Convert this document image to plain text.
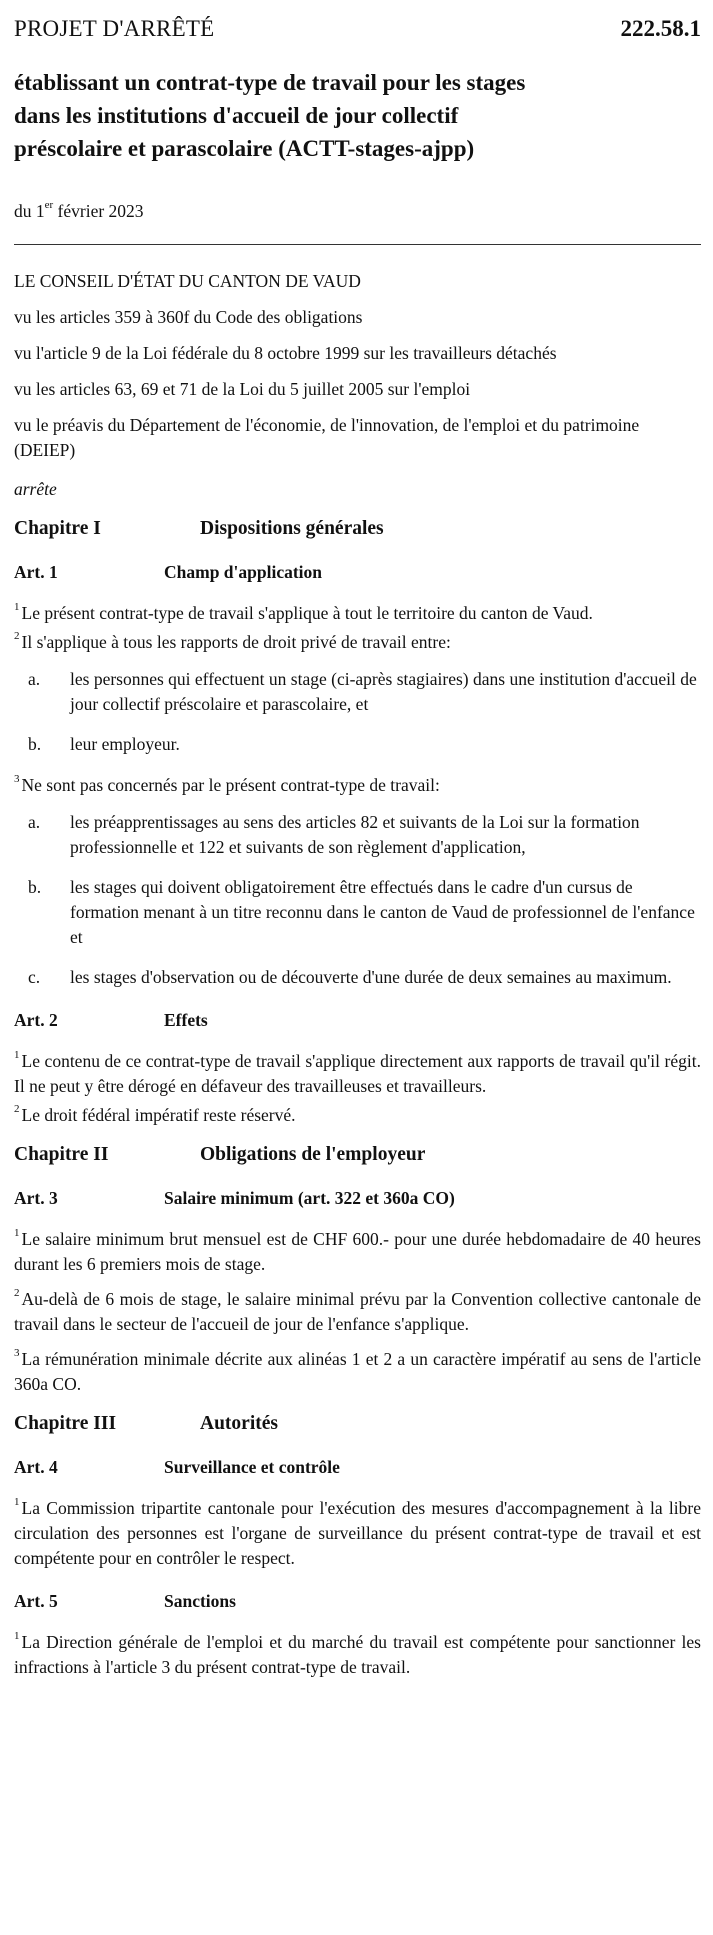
PROJET D'ARRÊTÉ	222.58.1
établissant un contrat-type de travail pour les stages
dans les institutions d'accueil de jour collectif
préscolaire et parascolaire (ACTT-stages-ajpp)
du 1er février 2023

LE CONSEIL D'ÉTAT DU CANTON DE VAUD

vu les articles 359 à 360f du Code des obligations

vu l'article 9 de la Loi fédérale du 8 octobre 1999 sur les travailleurs détachés

vu les articles 63, 69 et 71 de la Loi du 5 juillet 2005 sur l'emploi

vu le préavis du Département de l'économie, de l'innovation, de l'emploi et du patrimoine (DEIEP)

arrête

Chapitre I	Dispositions générales
Art. 1	Champ d'application

$^1$ Le présent contrat-type de travail s'applique à tout le territoire du canton de Vaud.

$^2$ Il s'applique à tous les rapports de droit privé de travail entre:

a.	les personnes qui effectuent un stage (ci-après stagiaires) dans une institution d'accueil de jour collectif préscolaire et parascolaire, et
b.	leur employeur.

$^3$ Ne sont pas concernés par le présent contrat-type de travail:

a.	les préapprentissages au sens des articles 82 et suivants de la Loi sur la formation professionnelle et 122 et suivants de son règlement d'application,
b.	les stages qui doivent obligatoirement être effectués dans le cadre d'un cursus de formation menant à un titre reconnu dans le canton de Vaud de professionnel de l'enfance et
c.	les stages d'observation ou de découverte d'une durée de deux semaines au maximum.
Art. 2	Effets

$^1$ Le contenu de ce contrat-type de travail s'applique directement aux rapports de travail qu'il régit. Il ne peut y être dérogé en défaveur des travailleuses et travailleurs.

$^2$ Le droit fédéral impératif reste réservé.

Chapitre II	Obligations de l'employeur
Art. 3	Salaire minimum (art. 322 et 360a CO)

$^1$ Le salaire minimum brut mensuel est de CHF 600.- pour une durée hebdomadaire de 40 heures durant les 6 premiers mois de stage.

$^2$ Au-delà de 6 mois de stage, le salaire minimal prévu par la Convention collective cantonale de travail dans le secteur de l'accueil de jour de l'enfance s'applique.

$^3$ La rémunération minimale décrite aux alinéas 1 et 2 a un caractère impératif au sens de l'article 360a CO.

Chapitre III	Autorités
Art. 4	Surveillance et contrôle

$^1$ La Commission tripartite cantonale pour l'exécution des mesures d'accompagnement à la libre circulation des personnes est l'organe de surveillance du présent contrat-type de travail et est compétente pour en contrôler le respect.

Art. 5	Sanctions

$^1$ La Direction générale de l'emploi et du marché du travail est compétente pour sanctionner les infractions à l'article 3 du présent contrat-type de travail.
